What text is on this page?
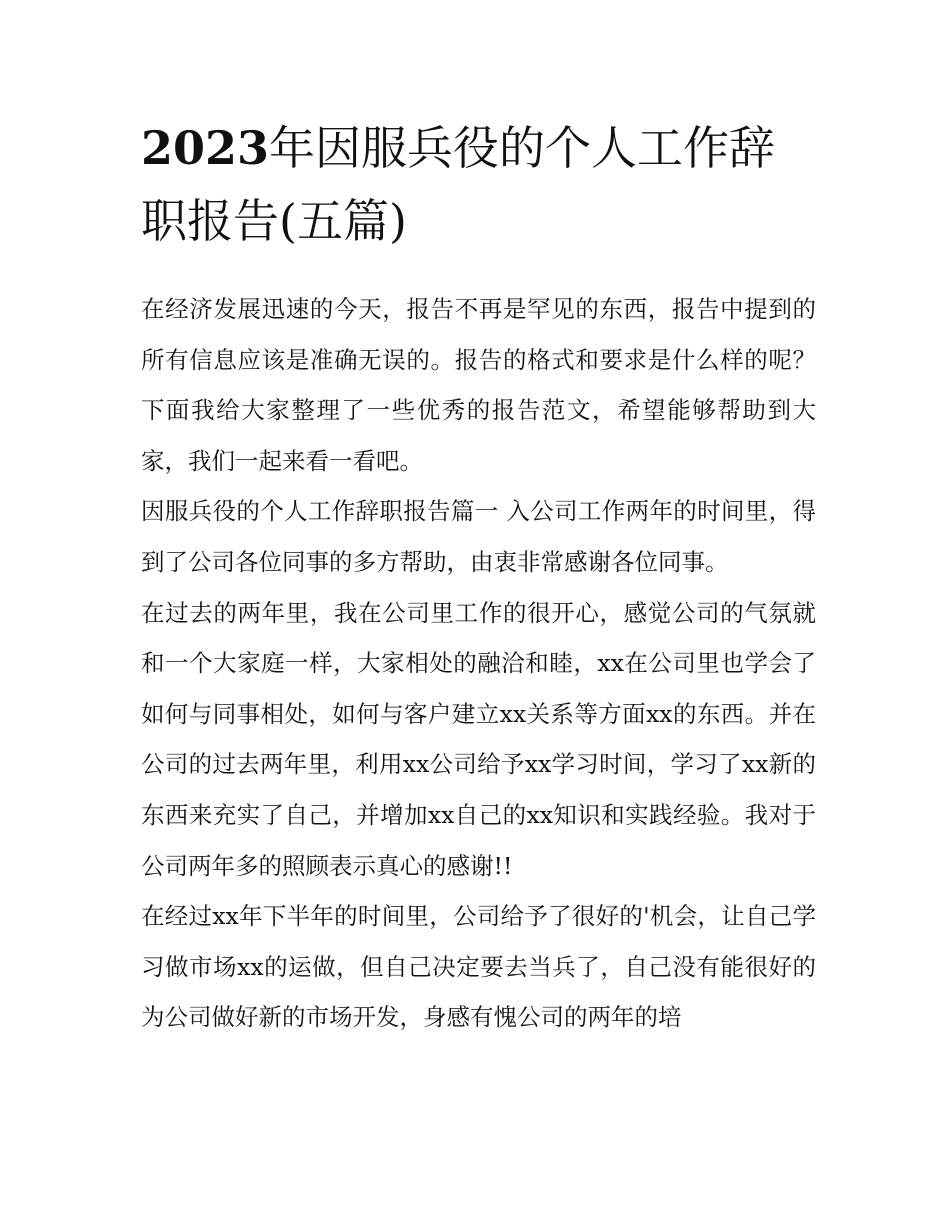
2023年因服兵役的个人工作辞职报告(五篇)

在经济发展迅速的今天，报告不再是罕见的东西，报告中提到的所有信息应该是准确无误的。报告的格式和要求是什么样的呢？下面我给大家整理了一些优秀的报告范文，希望能够帮助到大家，我们一起来看一看吧。

因服兵役的个人工作辞职报告篇一 入公司工作两年的时间里，得到了公司各位同事的多方帮助，由衷非常感谢各位同事。

在过去的两年里，我在公司里工作的很开心，感觉公司的气氛就和一个大家庭一样，大家相处的融洽和睦，xx在公司里也学会了如何与同事相处，如何与客户建立xx关系等方面xx的东西。并在公司的过去两年里，利用xx公司给予xx学习时间，学习了xx新的东西来充实了自己，并增加xx自己的xx知识和实践经验。我对于公司两年多的照顾表示真心的感谢!!

在经过xx年下半年的时间里，公司给予了很好的'机会，让自己学习做市场xx的运做，但自己决定要去当兵了，自己没有能很好的为公司做好新的市场开发，身感有愧公司的两年的培
